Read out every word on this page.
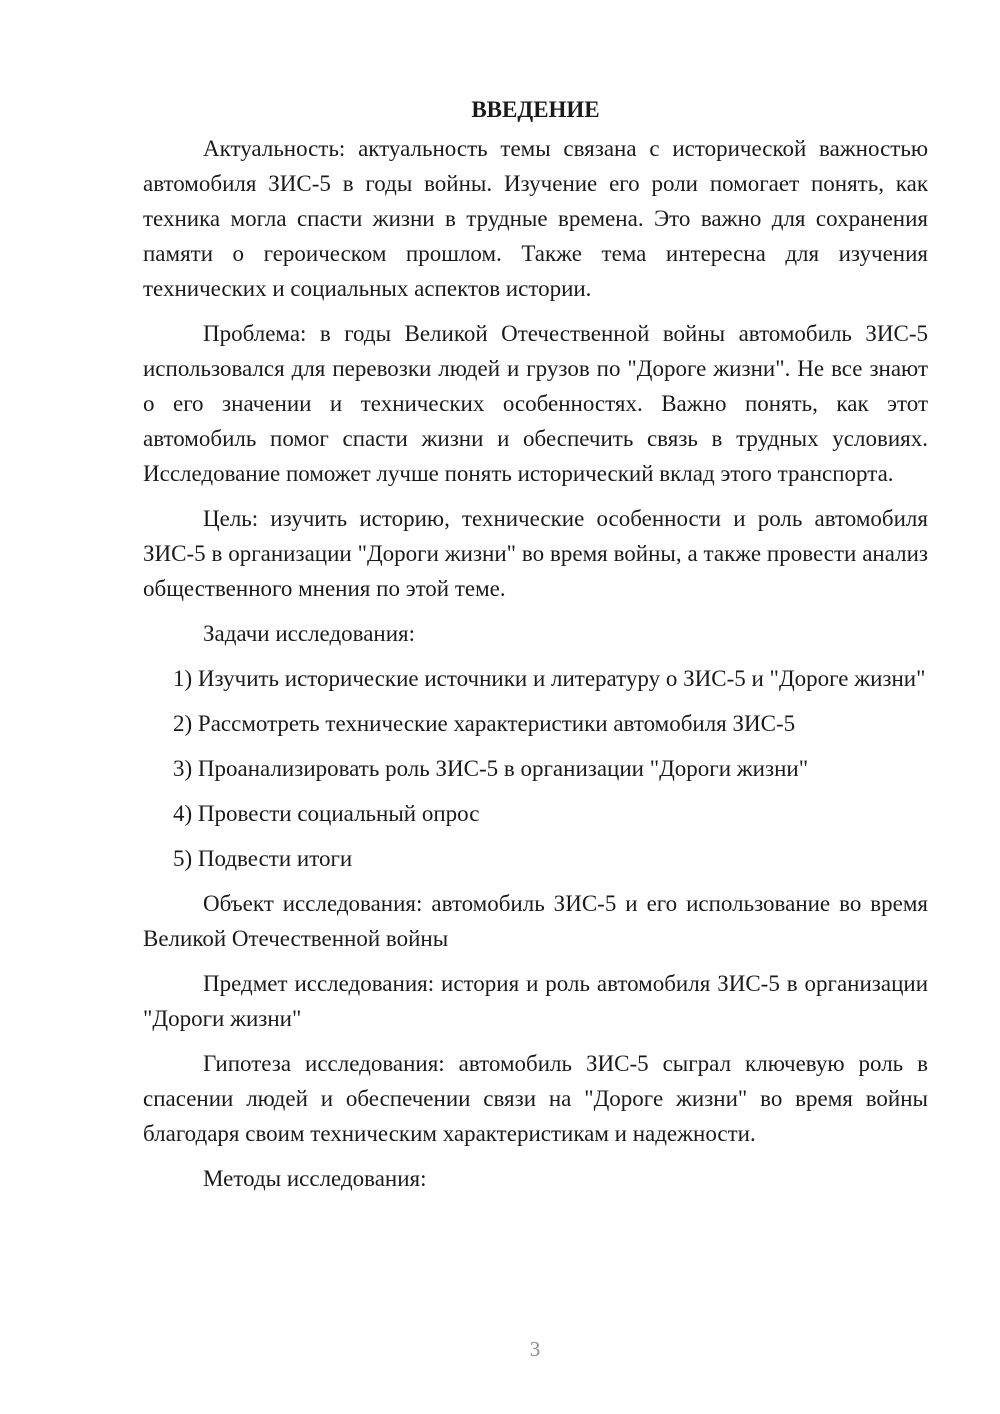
ВВЕДЕНИЕ

Актуальность: актуальность темы связана с исторической важностью автомобиля ЗИС-5 в годы войны. Изучение его роли помогает понять, как техника могла спасти жизни в трудные времена. Это важно для сохранения памяти о героическом прошлом. Также тема интересна для изучения технических и социальных аспектов истории.

Проблема: в годы Великой Отечественной войны автомобиль ЗИС-5 использовался для перевозки людей и грузов по "Дороге жизни". Не все знают о его значении и технических особенностях. Важно понять, как этот автомобиль помог спасти жизни и обеспечить связь в трудных условиях. Исследование поможет лучше понять исторический вклад этого транспорта.

Цель: изучить историю, технические особенности и роль автомобиля ЗИС-5 в организации "Дороги жизни" во время войны, а также провести анализ общественного мнения по этой теме.

Задачи исследования:

1) Изучить исторические источники и литературу о ЗИС-5 и "Дороге жизни"

2) Рассмотреть технические характеристики автомобиля ЗИС-5

3) Проанализировать роль ЗИС-5 в организации "Дороги жизни"

4) Провести социальный опрос

5) Подвести итоги

Объект исследования: автомобиль ЗИС-5 и его использование во время Великой Отечественной войны

Предмет исследования: история и роль автомобиля ЗИС-5 в организации "Дороги жизни"

Гипотеза исследования: автомобиль ЗИС-5 сыграл ключевую роль в спасении людей и обеспечении связи на "Дороге жизни" во время войны благодаря своим техническим характеристикам и надежности.

Методы исследования:

3
